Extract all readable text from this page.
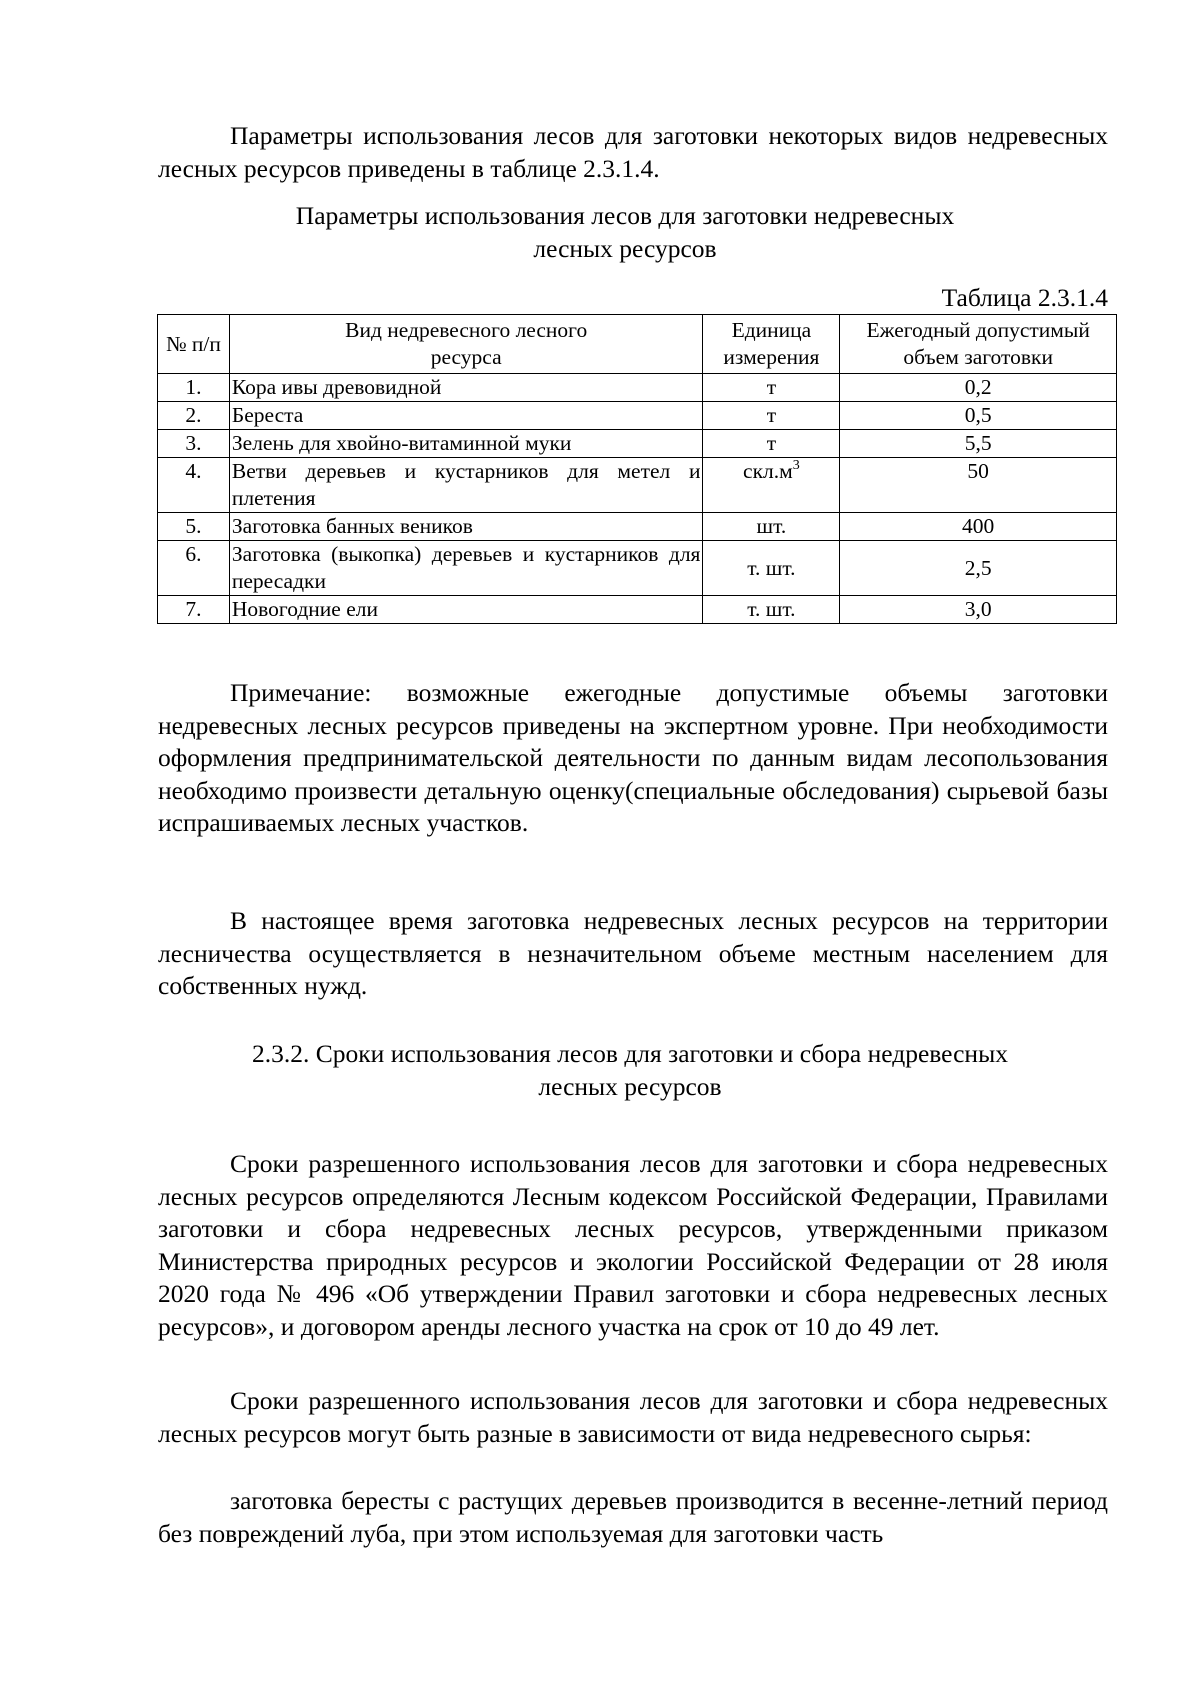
Параметры использования лесов для заготовки некоторых видов недревесных лесных ресурсов приведены в таблице 2.3.1.4.

Параметры использования лесов для заготовки недревесных лесных ресурсов

Таблица 2.3.1.4
№ п/п	Вид недревесного лесного ресурса	Единица измерения	Ежегодный допустимый объем заготовки
1.	Кора ивы древовидной	т	0,2
2.	Береста	т	0,5
3.	Зелень для хвойно-витаминной муки	т	5,5
4.	Ветви деревьев и кустарников для метел и плетения	$скл.м^3$	50
5.	Заготовка банных веников	шт.	400
6.	Заготовка (выкопка) деревьев и кустарников для пересадки	т. шт.	2,5
7.	Новогодние ели	т. шт.	3,0

Примечание: возможные ежегодные допустимые объемы заготовки недревесных лесных ресурсов приведены на экспертном уровне. При необходимости оформления предпринимательской деятельности по данным видам лесопользования необходимо произвести детальную оценку(специальные обследования) сырьевой базы испрашиваемых лесных участков.

В настоящее время заготовка недревесных лесных ресурсов на территории лесничества осуществляется в незначительном объеме местным населением для собственных нужд.

2.3.2. Сроки использования лесов для заготовки и сбора недревесных лесных ресурсов

Сроки разрешенного использования лесов для заготовки и сбора недревесных лесных ресурсов определяются Лесным кодексом Российской Федерации, Правилами заготовки и сбора недревесных лесных ресурсов, утвержденными приказом Министерства природных ресурсов и экологии Российской Федерации от 28 июля 2020 года № 496 «Об утверждении Правил заготовки и сбора недревесных лесных ресурсов», и договором аренды лесного участка на срок от 10 до 49 лет.

Сроки разрешенного использования лесов для заготовки и сбора недревесных лесных ресурсов могут быть разные в зависимости от вида недревесного сырья:

заготовка бересты с растущих деревьев производится в весенне-летний период без повреждений луба, при этом используемая для заготовки часть
